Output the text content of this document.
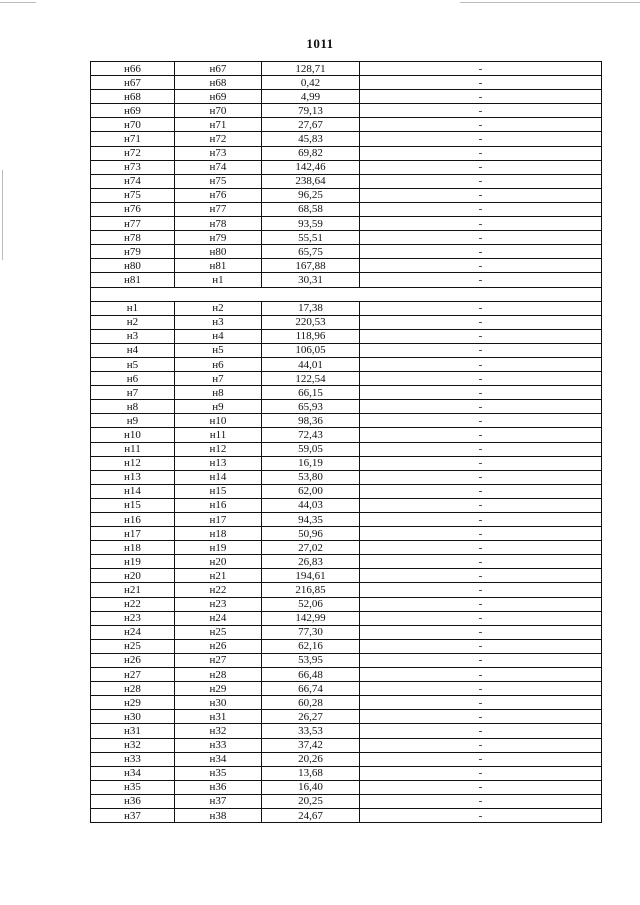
1011
н66	н67	128,71	-
н67	н68	0,42	-
н68	н69	4,99	-
н69	н70	79,13	-
н70	н71	27,67	-
н71	н72	45,83	-
н72	н73	69,82	-
н73	н74	142,46	-
н74	н75	238,64	-
н75	н76	96,25	-
н76	н77	68,58	-
н77	н78	93,59	-
н78	н79	55,51	-
н79	н80	65,75	-
н80	н81	167,88	-
н81	н1	30,31	-

н1	н2	17,38	-
н2	н3	220,53	-
н3	н4	118,96	-
н4	н5	106,05	-
н5	н6	44,01	-
н6	н7	122,54	-
н7	н8	66,15	-
н8	н9	65,93	-
н9	н10	98,36	-
н10	н11	72,43	-
н11	н12	59,05	-
н12	н13	16,19	-
н13	н14	53,80	-
н14	н15	62,00	-
н15	н16	44,03	-
н16	н17	94,35	-
н17	н18	50,96	-
н18	н19	27,02	-
н19	н20	26,83	-
н20	н21	194,61	-
н21	н22	216,85	-
н22	н23	52,06	-
н23	н24	142,99	-
н24	н25	77,30	-
н25	н26	62,16	-
н26	н27	53,95	-
н27	н28	66,48	-
н28	н29	66,74	-
н29	н30	60,28	-
н30	н31	26,27	-
н31	н32	33,53	-
н32	н33	37,42	-
н33	н34	20,26	-
н34	н35	13,68	-
н35	н36	16,40	-
н36	н37	20,25	-
н37	н38	24,67	-
